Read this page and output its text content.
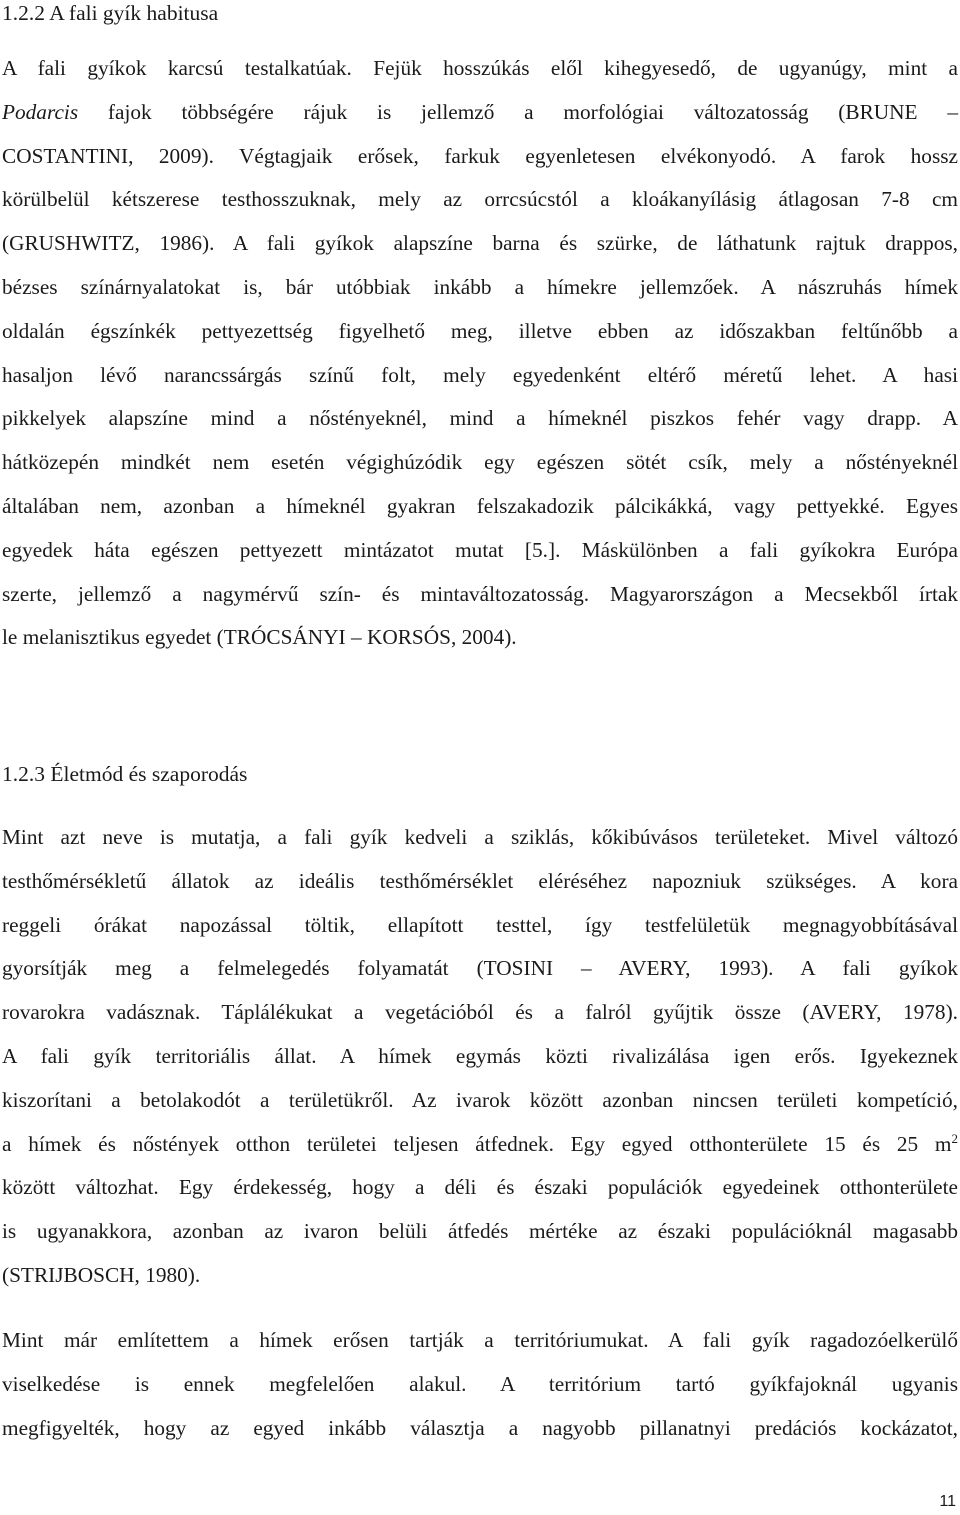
1.2.2 A fali gyík habitusa
A fali gyíkok karcsú testalkatúak. Fejük hosszúkás elől kihegyesedő, de ugyanúgy, mint a
Podarcis fajok többségére rájuk is jellemző a morfológiai változatosság (BRUNE –
COSTANTINI, 2009). Végtagjaik erősek, farkuk egyenletesen elvékonyodó. A farok hossz
körülbelül kétszerese testhosszuknak, mely az orrcsúcstól a kloákanyílásig átlagosan 7-8 cm
(GRUSHWITZ, 1986). A fali gyíkok alapszíne barna és szürke, de láthatunk rajtuk drappos,
bézses színárnyalatokat is, bár utóbbiak inkább a hímekre jellemzőek. A nászruhás hímek
oldalán égszínkék pettyezettség figyelhető meg, illetve ebben az időszakban feltűnőbb a
hasaljon lévő narancssárgás színű folt, mely egyedenként eltérő méretű lehet. A hasi
pikkelyek alapszíne mind a nőstényeknél, mind a hímeknél piszkos fehér vagy drapp. A
hátközepén mindkét nem esetén végighúzódik egy egészen sötét csík, mely a nőstényeknél
általában nem, azonban a hímeknél gyakran felszakadozik pálcikákká, vagy pettyekké. Egyes
egyedek háta egészen pettyezett mintázatot mutat [5.]. Máskülönben a fali gyíkokra Európa
szerte, jellemző a nagymérvű szín- és mintaváltozatosság. Magyarországon a Mecsekből írtak
le melanisztikus egyedet (TRÓCSÁNYI – KORSÓS, 2004).
1.2.3 Életmód és szaporodás
Mint azt neve is mutatja, a fali gyík kedveli a sziklás, kőkibúvásos területeket. Mivel változó
testhőmérsékletű állatok az ideális testhőmérséklet eléréséhez napozniuk szükséges. A kora
reggeli órákat napozással töltik, ellapított testtel, így testfelületük megnagyobbításával
gyorsítják meg a felmelegedés folyamatát (TOSINI – AVERY, 1993). A fali gyíkok
rovarokra vadásznak. Táplálékukat a vegetációból és a falról gyűjtik össze (AVERY, 1978).
A fali gyík territoriális állat. A hímek egymás közti rivalizálása igen erős. Igyekeznek
kiszorítani a betolakodót a területükről. Az ivarok között azonban nincsen területi kompetíció,
a hímek és nőstények otthon területei teljesen átfednek. Egy egyed otthonterülete 15 és 25 $m^2$
között változhat. Egy érdekesség, hogy a déli és északi populációk egyedeinek otthonterülete
is ugyanakkora, azonban az ivaron belüli átfedés mértéke az északi populációknál magasabb
(STRIJBOSCH, 1980).
Mint már említettem a hímek erősen tartják a territóriumukat. A fali gyík ragadozóelkerülő
viselkedése is ennek megfelelően alakul. A territórium tartó gyíkfajoknál ugyanis
megfigyelték, hogy az egyed inkább választja a nagyobb pillanatnyi predációs kockázatot,
11
